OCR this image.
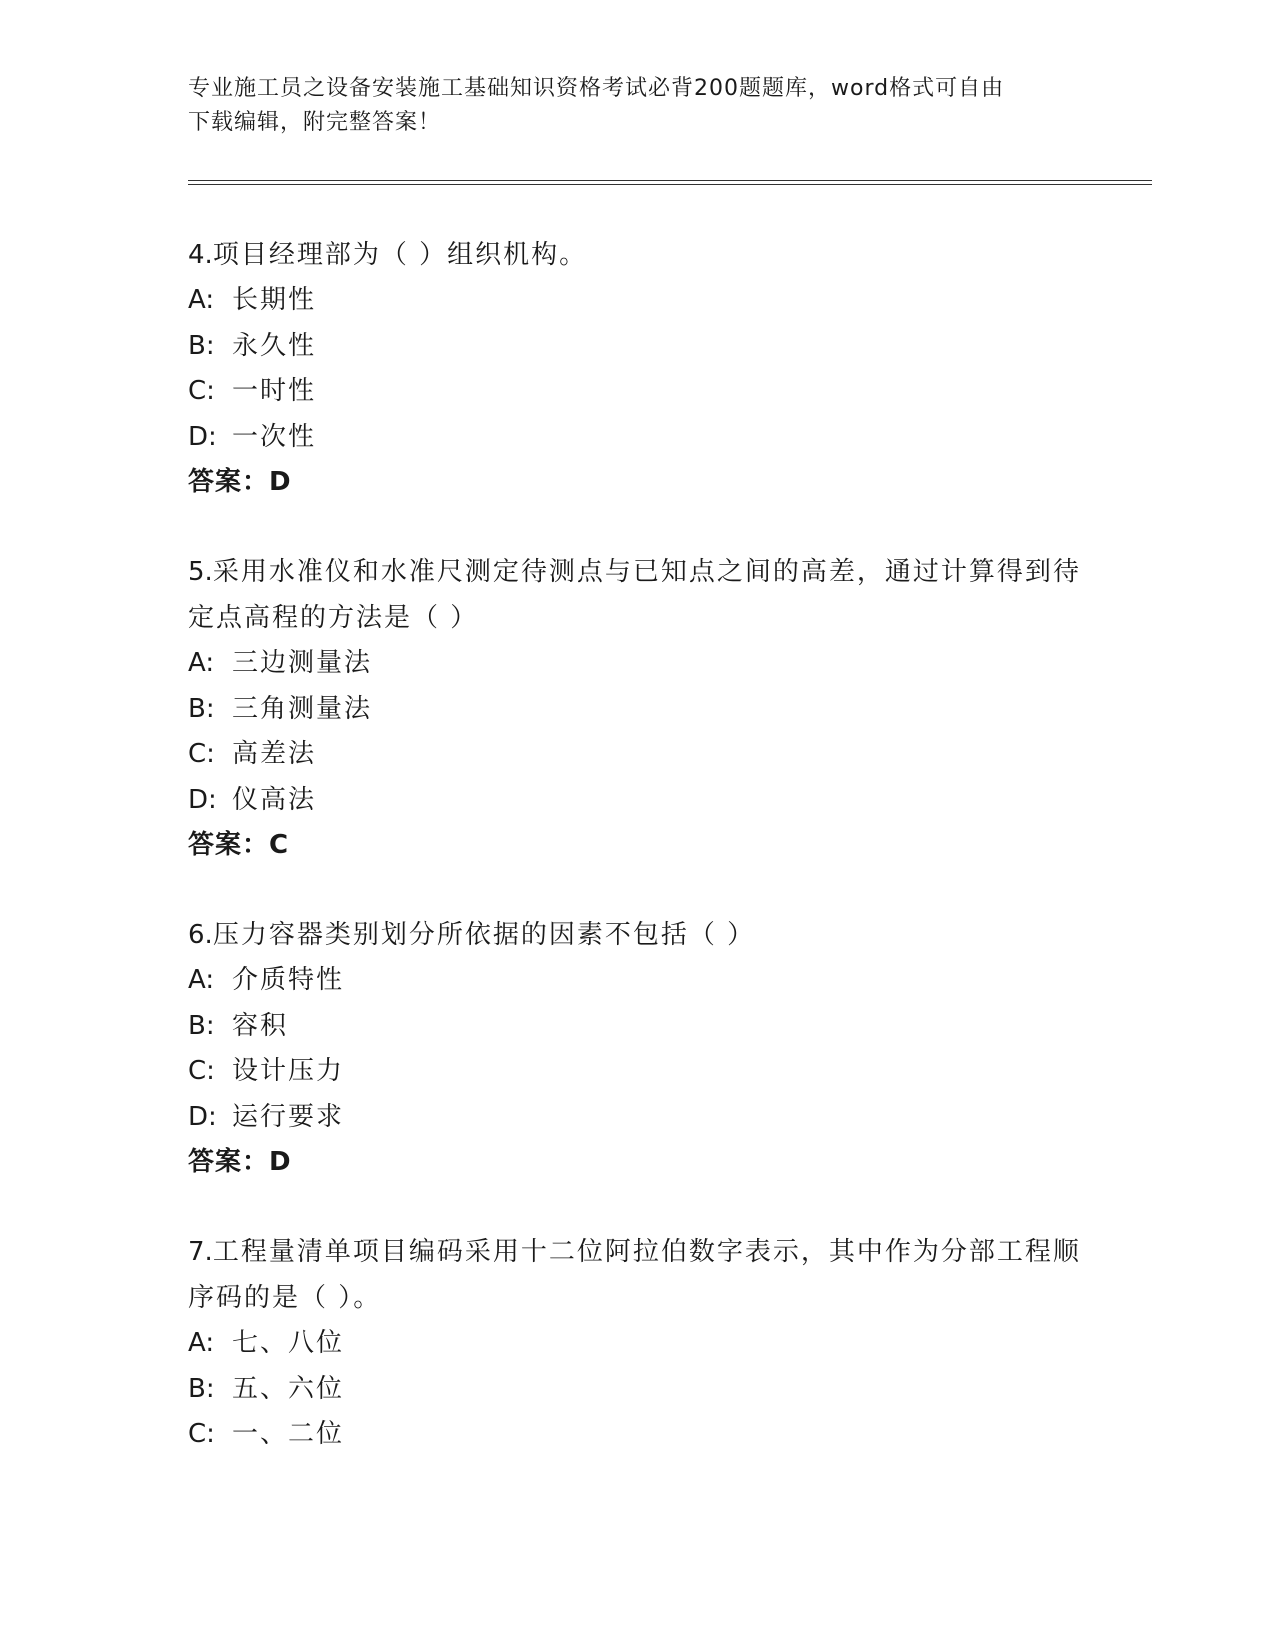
专业施工员之设备安装施工基础知识资格考试必背200题题库，word格式可自由
下载编辑，附完整答案！
4.项目经理部为（ ）组织机构。
A: 长期性
B: 永久性
C: 一时性
D: 一次性
答案：D
5.采用水准仪和水准尺测定待测点与已知点之间的高差，通过计算得到待定点高程的方法是（ ）
A: 三边测量法
B: 三角测量法
C: 高差法
D: 仪高法
答案：C
6.压力容器类别划分所依据的因素不包括（ ）
A: 介质特性
B: 容积
C: 设计压力
D: 运行要求
答案：D
7.工程量清单项目编码采用十二位阿拉伯数字表示，其中作为分部工程顺序码的是（ ）。
A: 七、八位
B: 五、六位
C: 一、二位
